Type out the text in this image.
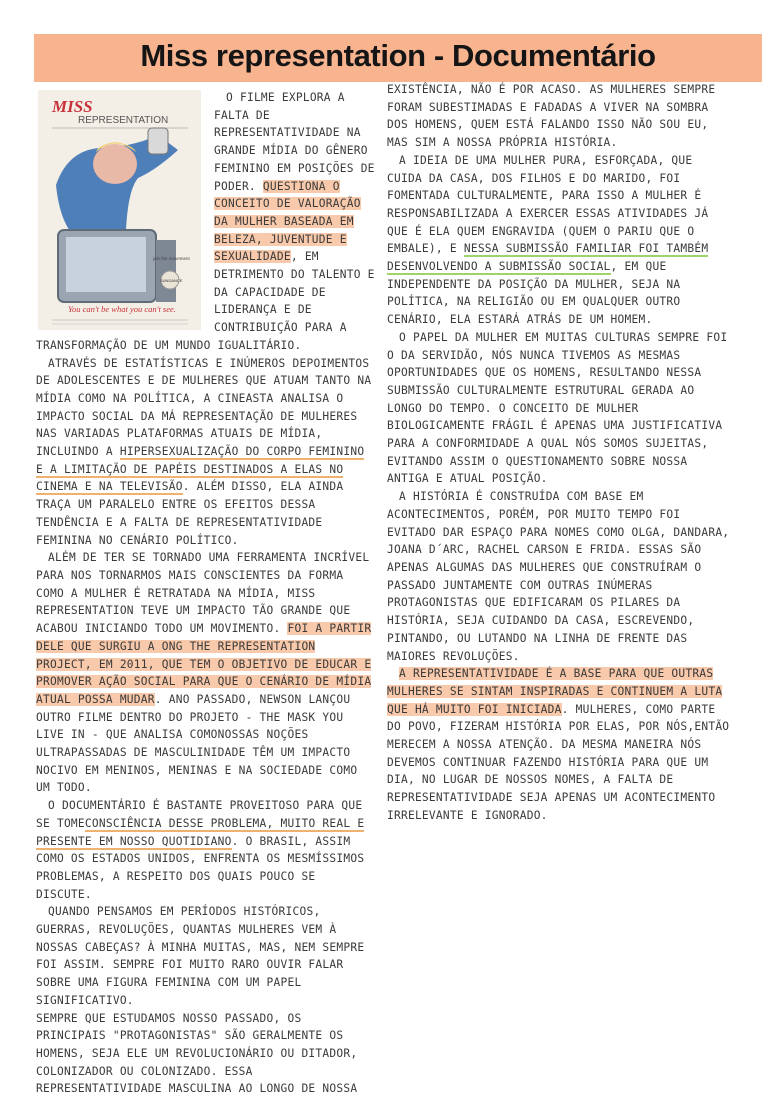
Miss representation - Documentário
MISS
REPRESENTATION
join the movement
SUNDANCE
You can't be what you can't see.

O FILME EXPLORA A FALTA DE REPRESENTATIVIDADE NA GRANDE MÍDIA DO GÊNERO FEMININO EM POSIÇÕES DE PODER. QUESTIONA O CONCEITO DE VALORAÇÃO DA MULHER BASEADA EM BELEZA, JUVENTUDE E SEXUALIDADE, EM DETRIMENTO DO TALENTO E DA CAPACIDADE DE LIDERANÇA E DE CONTRIBUIÇÃO PARA A TRANSFORMAÇÃO DE UM MUNDO IGUALITÁRIO.

ATRAVÉS DE ESTATÍSTICAS E INÚMEROS DEPOIMENTOS DE ADOLESCENTES E DE MULHERES QUE ATUAM TANTO NA MÍDIA COMO NA POLÍTICA, A CINEASTA ANALISA O IMPACTO SOCIAL DA MÁ REPRESENTAÇÃO DE MULHERES NAS VARIADAS PLATAFORMAS ATUAIS DE MÍDIA, INCLUINDO A HIPERSEXUALIZAÇÃO DO CORPO FEMININO E A LIMITAÇÃO DE PAPÉIS DESTINADOS A ELAS NO CINEMA E NA TELEVISÃO. ALÉM DISSO, ELA AINDA TRAÇA UM PARALELO ENTRE OS EFEITOS DESSA TENDÊNCIA E A FALTA DE REPRESENTATIVIDADE FEMININA NO CENÁRIO POLÍTICO.

ALÉM DE TER SE TORNADO UMA FERRAMENTA INCRÍVEL PARA NOS TORNARMOS MAIS CONSCIENTES DA FORMA COMO A MULHER É RETRATADA NA MÍDIA, MISS REPRESENTATION TEVE UM IMPACTO TÃO GRANDE QUE ACABOU INICIANDO TODO UM MOVIMENTO. FOI A PARTIR DELE QUE SURGIU A ONG THE REPRESENTATION PROJECT, EM 2011, QUE TEM O OBJETIVO DE EDUCAR E PROMOVER AÇÃO SOCIAL PARA QUE O CENÁRIO DE MÍDIA ATUAL POSSA MUDAR. ANO PASSADO, NEWSON LANÇOU OUTRO FILME DENTRO DO PROJETO - THE MASK YOU LIVE IN - QUE ANALISA COMONOSSAS NOÇÕES ULTRAPASSADAS DE MASCULINIDADE TÊM UM IMPACTO NOCIVO EM MENINOS, MENINAS E NA SOCIEDADE COMO UM TODO.

O DOCUMENTÁRIO É BASTANTE PROVEITOSO PARA QUE SE TOMECONSCIÊNCIA DESSE PROBLEMA, MUITO REAL E PRESENTE EM NOSSO QUOTIDIANO. O BRASIL, ASSIM COMO OS ESTADOS UNIDOS, ENFRENTA OS MESMÍSSIMOS PROBLEMAS, A RESPEITO DOS QUAIS POUCO SE DISCUTE.

QUANDO PENSAMOS EM PERÍODOS HISTÓRICOS, GUERRAS, REVOLUÇÕES, QUANTAS MULHERES VEM À NOSSAS CABEÇAS? À MINHA MUITAS, MAS, NEM SEMPRE FOI ASSIM. SEMPRE FOI MUITO RARO OUVIR FALAR SOBRE UMA FIGURA FEMININA COM UM PAPEL SIGNIFICATIVO.

SEMPRE QUE ESTUDAMOS NOSSO PASSADO, OS PRINCIPAIS "PROTAGONISTAS" SÃO GERALMENTE OS HOMENS, SEJA ELE UM REVOLUCIONÁRIO OU DITADOR, COLONIZADOR OU COLONIZADO. ESSA REPRESENTATIVIDADE MASCULINA AO LONGO DE NOSSA

EXISTÊNCIA, NÃO É POR ACASO. AS MULHERES SEMPRE FORAM SUBESTIMADAS E FADADAS A VIVER NA SOMBRA DOS HOMENS, QUEM ESTÁ FALANDO ISSO NÃO SOU EU, MAS SIM A NOSSA PRÓPRIA HISTÓRIA.

A IDEIA DE UMA MULHER PURA, ESFORÇADA, QUE CUIDA DA CASA, DOS FILHOS E DO MARIDO, FOI FOMENTADA CULTURALMENTE, PARA ISSO A MULHER É RESPONSABILIZADA A EXERCER ESSAS ATIVIDADES JÁ QUE É ELA QUEM ENGRAVIDA (QUEM O PARIU QUE O EMBALE), E NESSA SUBMISSÃO FAMILIAR FOI TAMBÉM DESENVOLVENDO A SUBMISSÃO SOCIAL, EM QUE INDEPENDENTE DA POSIÇÃO DA MULHER, SEJA NA POLÍTICA, NA RELIGIÃO OU EM QUALQUER OUTRO CENÁRIO, ELA ESTARÁ ATRÁS DE UM HOMEM.

O PAPEL DA MULHER EM MUITAS CULTURAS SEMPRE FOI O DA SERVIDÃO, NÓS NUNCA TIVEMOS AS MESMAS OPORTUNIDADES QUE OS HOMENS, RESULTANDO NESSA SUBMISSÃO CULTURALMENTE ESTRUTURAL GERADA AO LONGO DO TEMPO. O CONCEITO DE MULHER BIOLOGICAMENTE FRÁGIL É APENAS UMA JUSTIFICATIVA PARA A CONFORMIDADE A QUAL NÓS SOMOS SUJEITAS, EVITANDO ASSIM O QUESTIONAMENTO SOBRE NOSSA ANTIGA E ATUAL POSIÇÃO.

A HISTÓRIA É CONSTRUÍDA COM BASE EM ACONTECIMENTOS, PORÉM, POR MUITO TEMPO FOI EVITADO DAR ESPAÇO PARA NOMES COMO OLGA, DANDARA, JOANA D´ARC, RACHEL CARSON E FRIDA. ESSAS SÃO APENAS ALGUMAS DAS MULHERES QUE CONSTRUÍRAM O PASSADO JUNTAMENTE COM OUTRAS INÚMERAS PROTAGONISTAS QUE EDIFICARAM OS PILARES DA HISTÓRIA, SEJA CUIDANDO DA CASA, ESCREVENDO, PINTANDO, OU LUTANDO NA LINHA DE FRENTE DAS MAIORES REVOLUÇÕES.

A REPRESENTATIVIDADE É A BASE PARA QUE OUTRAS MULHERES SE SINTAM INSPIRADAS E CONTINUEM A LUTA QUE HÁ MUITO FOI INICIADA. MULHERES, COMO PARTE DO POVO, FIZERAM HISTÓRIA POR ELAS, POR NÓS,ENTÃO MERECEM A NOSSA ATENÇÃO. DA MESMA MANEIRA NÓS DEVEMOS CONTINUAR FAZENDO HISTÓRIA PARA QUE UM DIA, NO LUGAR DE NOSSOS NOMES, A FALTA DE REPRESENTATIVIDADE SEJA APENAS UM ACONTECIMENTO IRRELEVANTE E IGNORADO.
